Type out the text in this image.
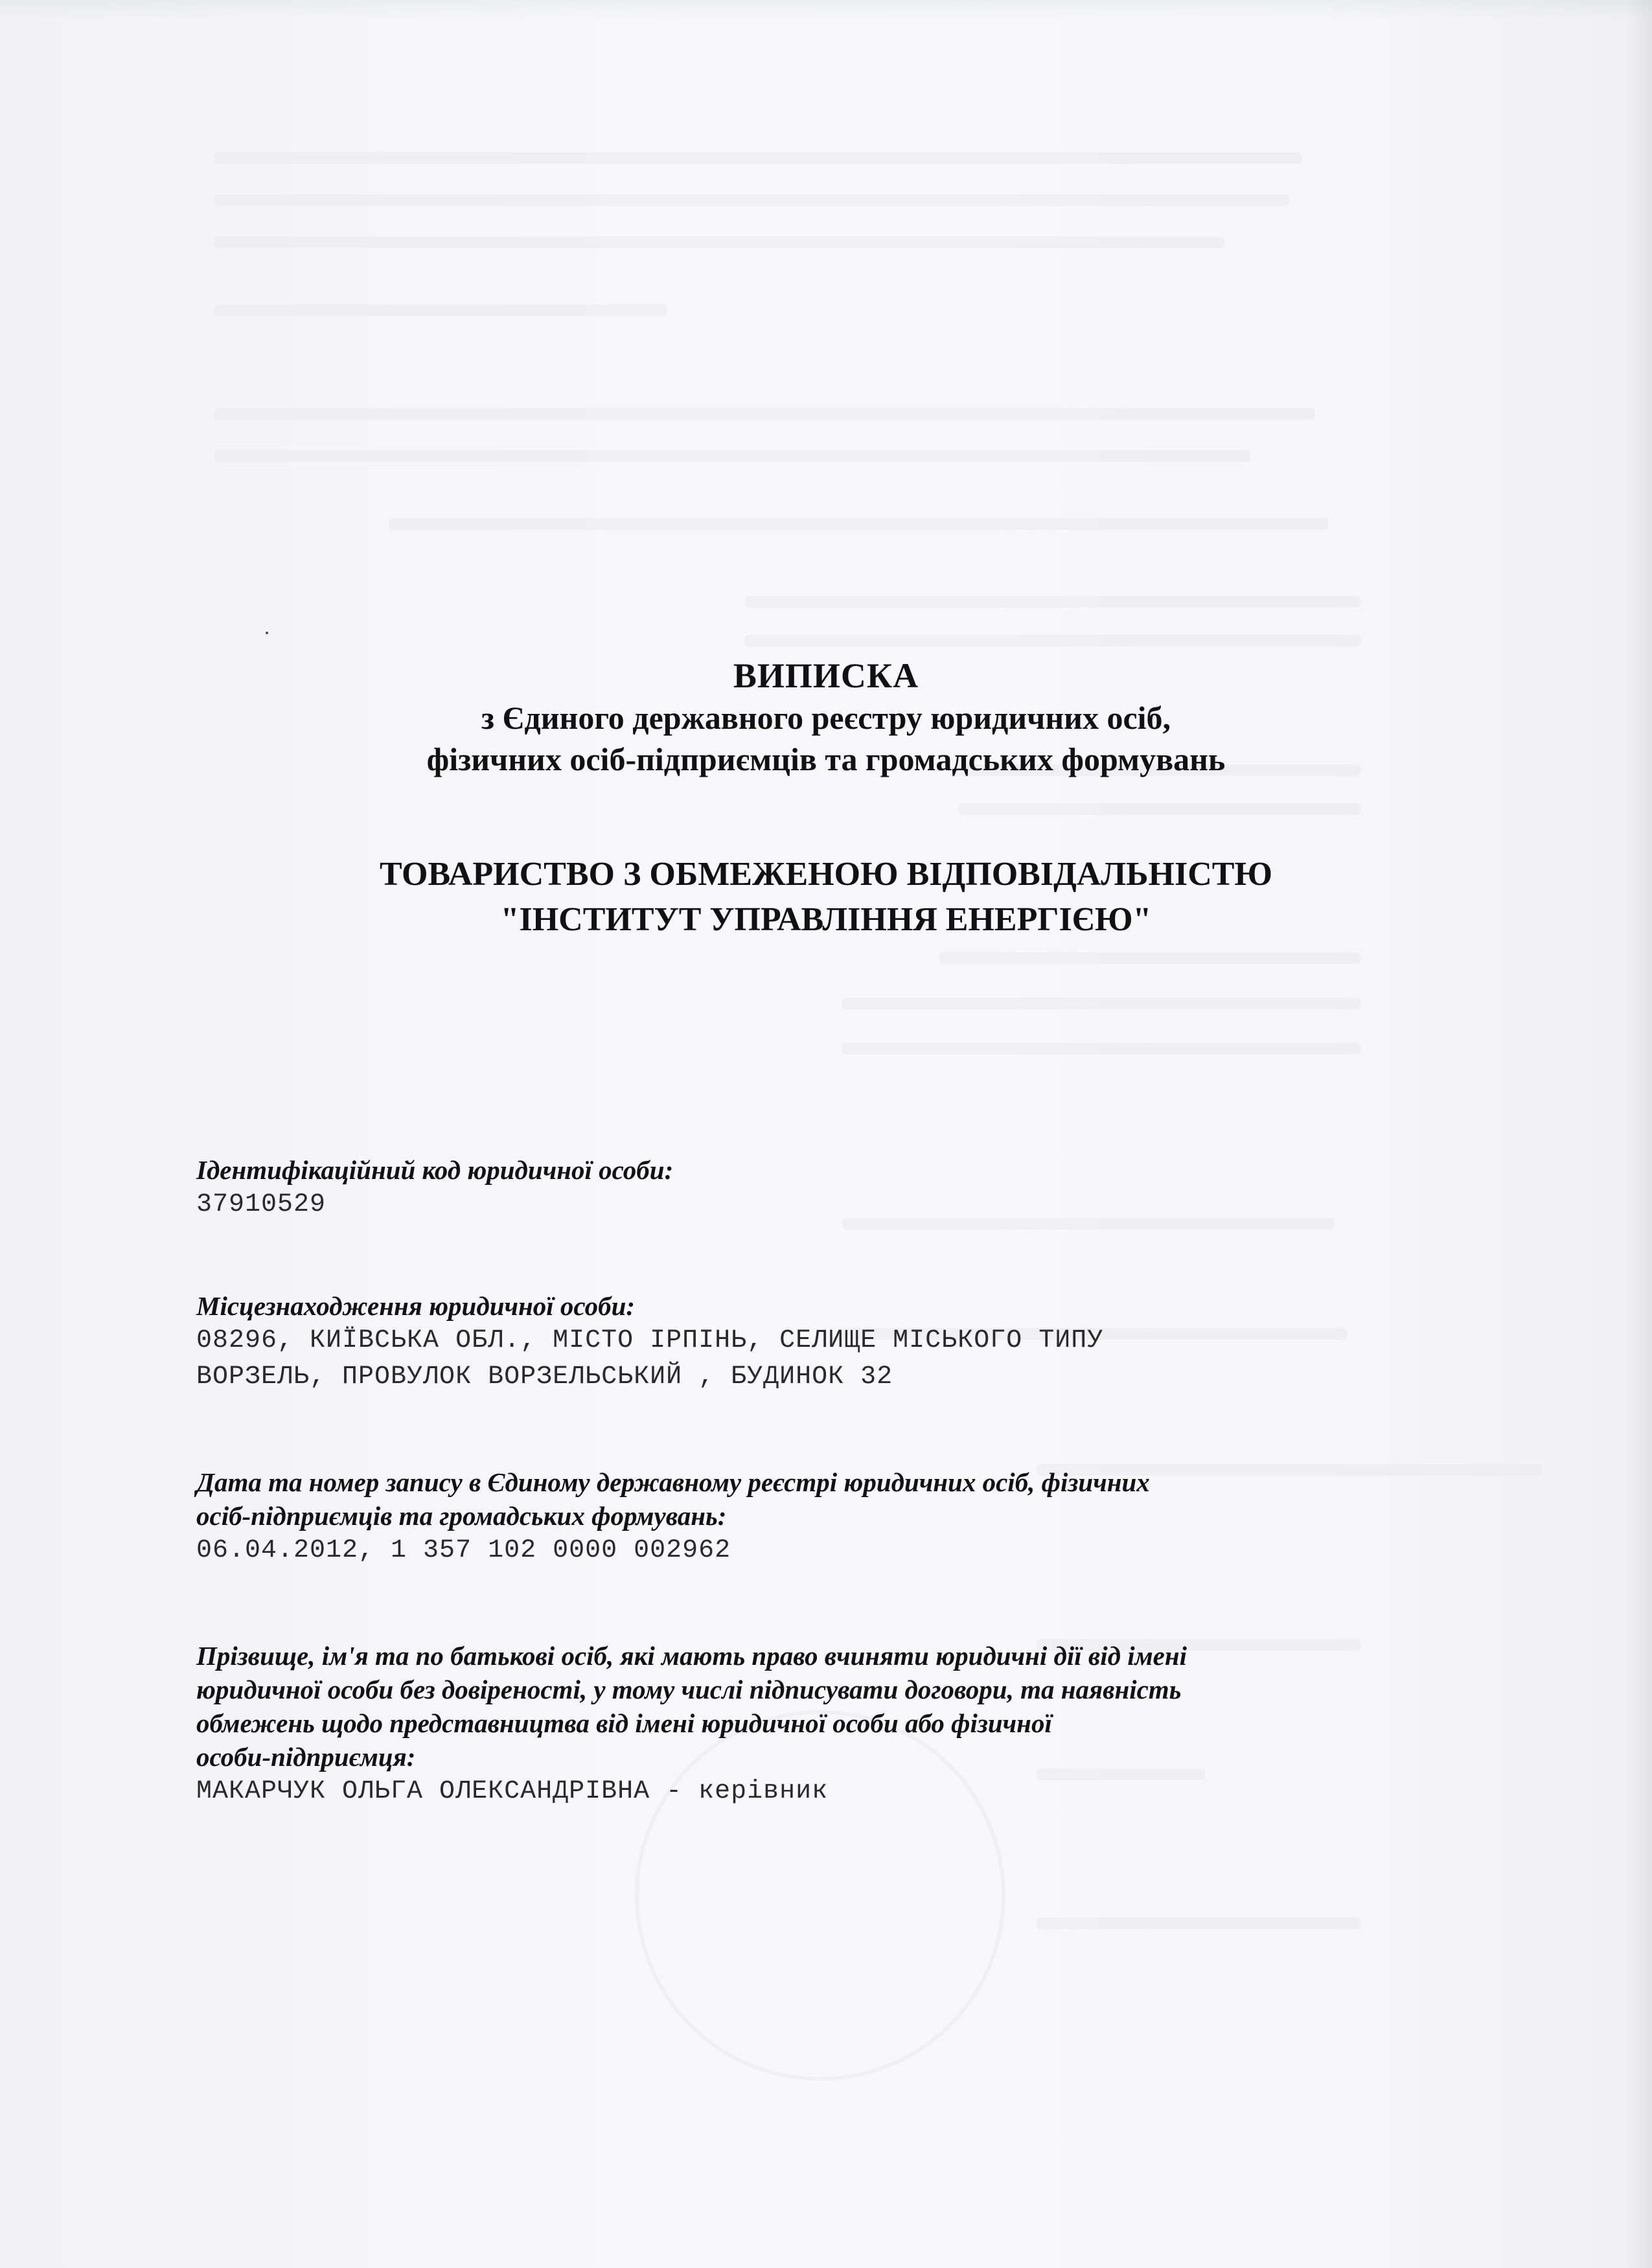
ВИПИСКА
з Єдиного державного реєстру юридичних осіб,
фізичних осіб-підприємців та громадських формувань
ТОВАРИСТВО З ОБМЕЖЕНОЮ ВІДПОВІДАЛЬНІСТЮ
"ІНСТИТУТ УПРАВЛІННЯ ЕНЕРГІЄЮ"
Ідентифікаційний код юридичної особи:
37910529
Місцезнаходження юридичної особи:
08296, КИЇВСЬКА ОБЛ., МІСТО ІРПІНЬ, СЕЛИЩЕ МІСЬКОГО ТИПУ
ВОРЗЕЛЬ, ПРОВУЛОК ВОРЗЕЛЬСЬКИЙ , БУДИНОК 32
Дата та номер запису в Єдиному державному реєстрі юридичних осіб, фізичних
осіб-підприємців та громадських формувань:
06.04.2012, 1 357 102 0000 002962
Прізвище, ім'я та по батькові осіб, які мають право вчиняти юридичні дії від імені
юридичної особи без довіреності, у тому числі підписувати договори, та наявність
обмежень щодо представництва від імені юридичної особи або фізичної
особи-підприємця:
МАКАРЧУК ОЛЬГА ОЛЕКСАНДРІВНА - керівник
